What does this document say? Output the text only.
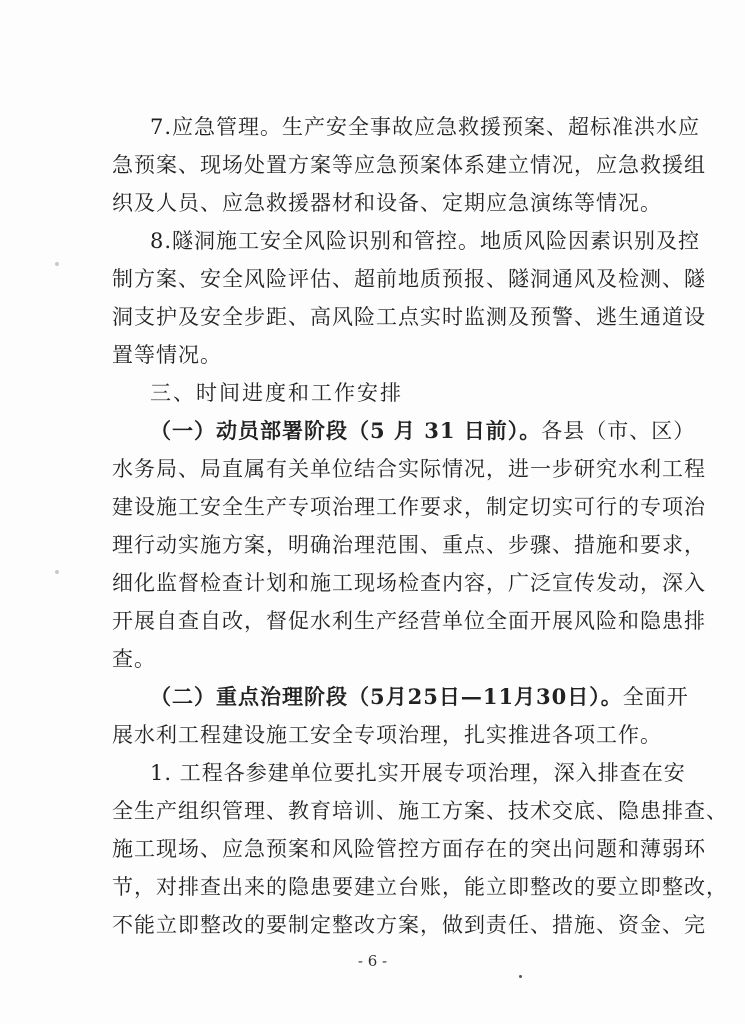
7.应急管理。生产安全事故应急救援预案、超标准洪水应
急预案、现场处置方案等应急预案体系建立情况，应急救援组
织及人员、应急救援器材和设备、定期应急演练等情况。
8.隧洞施工安全风险识别和管控。地质风险因素识别及控
制方案、安全风险评估、超前地质预报、隧洞通风及检测、隧
洞支护及安全步距、高风险工点实时监测及预警、逃生通道设
置等情况。
三、时间进度和工作安排
（一）动员部署阶段（5 月 31 日前）。各县（市、区）
水务局、局直属有关单位结合实际情况，进一步研究水利工程
建设施工安全生产专项治理工作要求，制定切实可行的专项治
理行动实施方案，明确治理范围、重点、步骤、措施和要求，
细化监督检查计划和施工现场检查内容，广泛宣传发动，深入
开展自查自改，督促水利生产经营单位全面开展风险和隐患排
查。
（二）重点治理阶段（5月25日—11月30日）。全面开
展水利工程建设施工安全专项治理，扎实推进各项工作。
1. 工程各参建单位要扎实开展专项治理，深入排查在安
全生产组织管理、教育培训、施工方案、技术交底、隐患排查、
施工现场、应急预案和风险管控方面存在的突出问题和薄弱环
节，对排查出来的隐患要建立台账，能立即整改的要立即整改，
不能立即整改的要制定整改方案，做到责任、措施、资金、完
- 6 -
